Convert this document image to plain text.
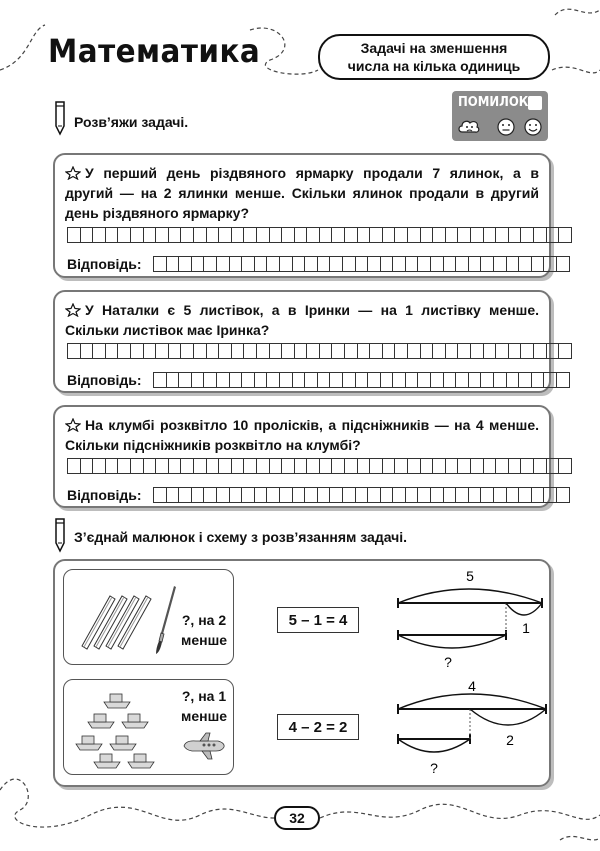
Математика	Задачі на зменшення
числа на кілька одиниць
Розв’яжи задачі.
ПОМИЛОК
У перший день різдвяного ярмарку продали 7 ялинок, а в другий — на 2 ялинки менше. Скільки ялинок продали в другий день різдвяного ярмарку?
Відповідь:
У Наталки є 5 листівок, а в Іринки — на 1 листівку менше. Скільки листівок має Іринка?
Відповідь:
На клумбі розквітло 10 пролісків, а підсніжників — на 4 менше. Скільки підсніжників розквітло на клумбі?
Відповідь:
З’єднай малюнок і схему з розв’язанням задачі.
?, на 2
менше
?, на 1
менше
5 – 1 = 4
4 – 2 = 2
5
1
?
4
2
?
32
